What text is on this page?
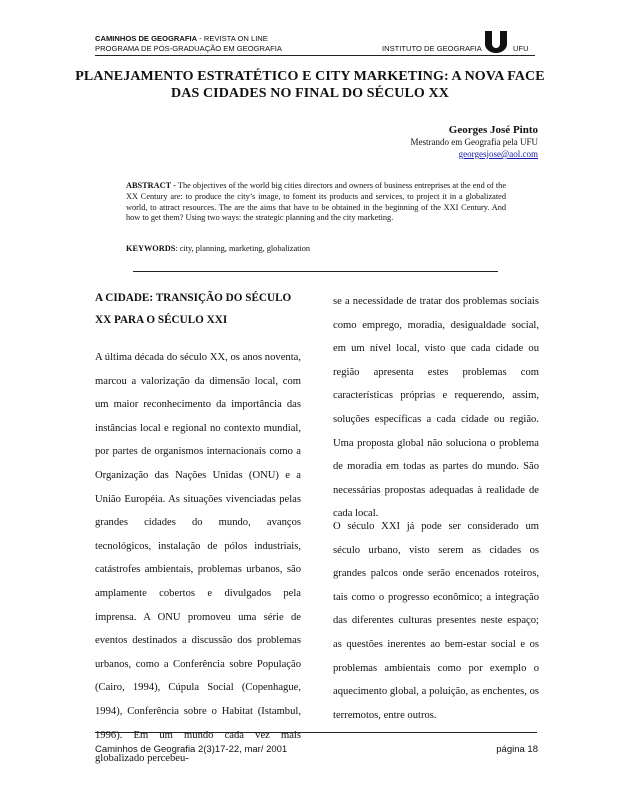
CAMINHOS DE GEOGRAFIA - REVISTA ON LINE
PROGRAMA DE PÓS-GRADUAÇÃO EM GEOGRAFIA	INSTITUTO DE GEOGRAFIA	UFU
PLANEJAMENTO ESTRATÉTICO E CITY MARKETING: A NOVA FACE DAS CIDADES NO FINAL DO SÉCULO XX
Georges José Pinto
Mestrando em Geografia pela UFU
georgesjose@aol.com
ABSTRACT - The objectives of the world big cities directors and owners of business entreprises at the end of the XX Century are: to produce the city’s image, to foment its products and services, to project it in a globalizated world, to attract resources. The are the aims that have to be obtained in the beginning of the XXI Century. And how to get them? Using two ways: the strategic planning and the city marketing.
KEYWORDS: city, planning, marketing, globalization
A CIDADE: TRANSIÇÃO DO SÉCULO XX PARA O SÉCULO XXI
A última década do século XX, os anos noventa, marcou a valorização da dimensão local, com um maior reconhecimento da importância das instâncias local e regional no contexto mundial, por partes de organismos internacionais como a Organização das Nações Unidas (ONU) e a União Européia. As situações vivenciadas pelas grandes cidades do mundo, avanços tecnológicos, instalação de pólos industriais, catástrofes ambientais, problemas urbanos, são amplamente cobertos e divulgados pela imprensa. A ONU promoveu uma série de eventos destinados a discussão dos problemas urbanos, como a Conferência sobre População (Cairo, 1994), Cúpula Social (Copenhague, 1994), Conferência sobre o Habitat (Istambul, 1996). Em um mundo cada vez mais globalizado percebeu-
se a necessidade de tratar dos problemas sociais como emprego, moradia, desigualdade social, em um nível local, visto que cada cidade ou região apresenta estes problemas com características próprias e requerendo, assim, soluções específicas a cada cidade ou região. Uma proposta global não soluciona o problema de moradia em todas as partes do mundo. São necessárias propostas adequadas à realidade de cada local.
O século XXI já pode ser considerado um século urbano, visto serem as cidades os grandes palcos onde serão encenados roteiros, tais como o progresso econômico; a integração das diferentes culturas presentes neste espaço; as questões inerentes ao bem-estar social e os problemas ambientais como por exemplo o aquecimento global, a poluição, as enchentes, os terremotos, entre outros.
Caminhos de Geografia 2(3)17-22, mar/ 2001	página 18
